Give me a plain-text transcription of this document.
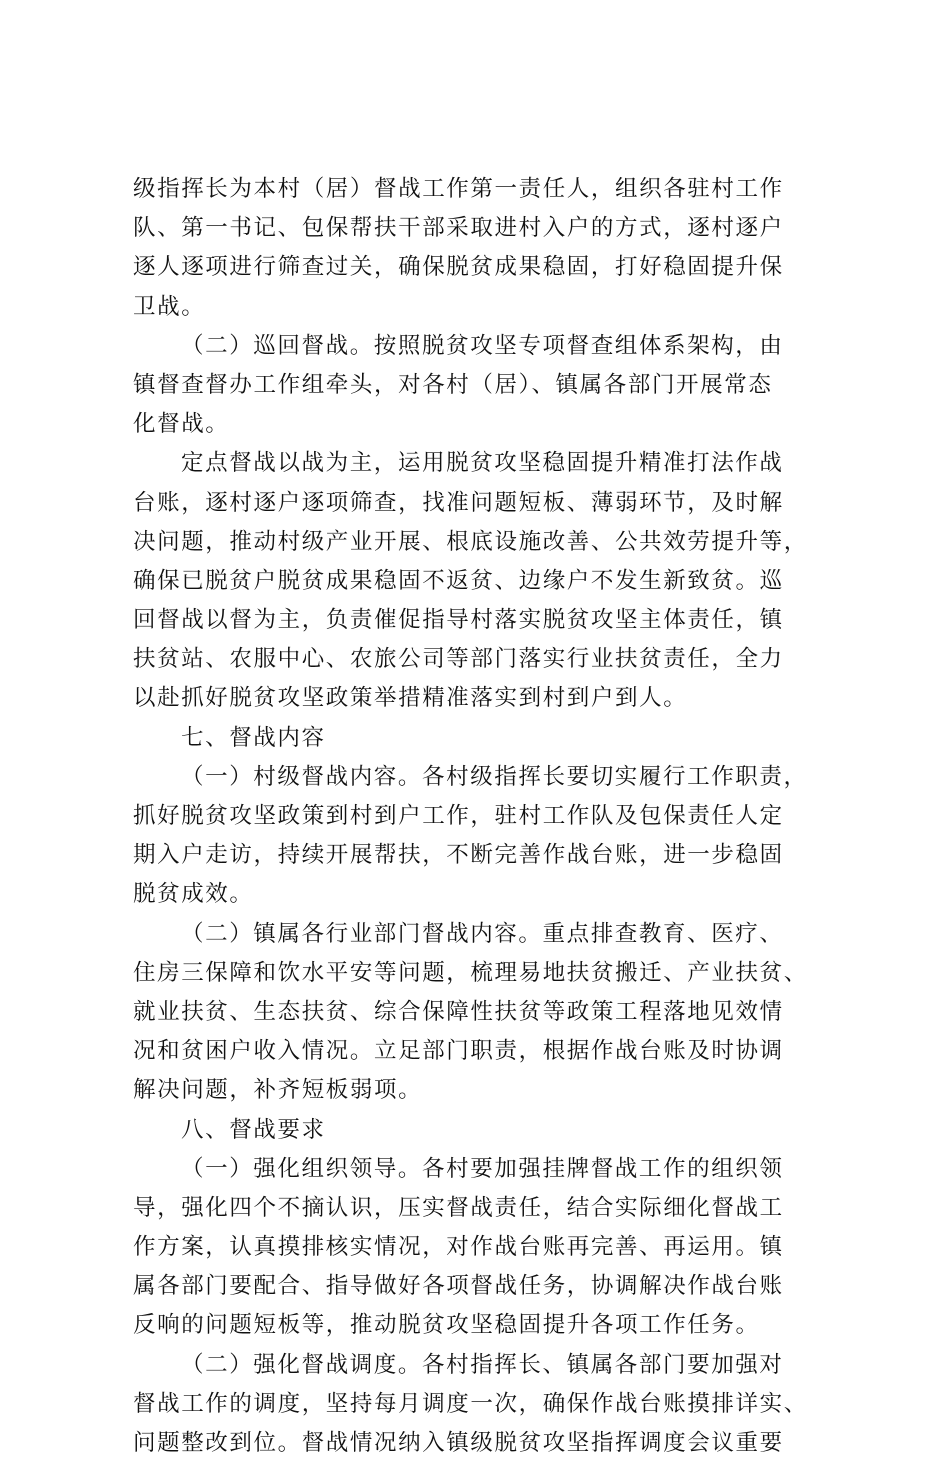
级指挥长为本村（居）督战工作第一责任人，组织各驻村工作
队、第一书记、包保帮扶干部采取进村入户的方式，逐村逐户
逐人逐项进行筛查过关，确保脱贫成果稳固，打好稳固提升保
卫战。
（二）巡回督战。按照脱贫攻坚专项督查组体系架构，由
镇督查督办工作组牵头，对各村（居）、镇属各部门开展常态
化督战。
定点督战以战为主，运用脱贫攻坚稳固提升精准打法作战
台账，逐村逐户逐项筛查，找准问题短板、薄弱环节，及时解
决问题，推动村级产业开展、根底设施改善、公共效劳提升等，
确保已脱贫户脱贫成果稳固不返贫、边缘户不发生新致贫。巡
回督战以督为主，负责催促指导村落实脱贫攻坚主体责任，镇
扶贫站、农服中心、农旅公司等部门落实行业扶贫责任，全力
以赴抓好脱贫攻坚政策举措精准落实到村到户到人。
七、督战内容
（一）村级督战内容。各村级指挥长要切实履行工作职责，
抓好脱贫攻坚政策到村到户工作，驻村工作队及包保责任人定
期入户走访，持续开展帮扶，不断完善作战台账，进一步稳固
脱贫成效。
（二）镇属各行业部门督战内容。重点排查教育、医疗、
住房三保障和饮水平安等问题，梳理易地扶贫搬迁、产业扶贫、
就业扶贫、生态扶贫、综合保障性扶贫等政策工程落地见效情
况和贫困户收入情况。立足部门职责，根据作战台账及时协调
解决问题，补齐短板弱项。
八、督战要求
（一）强化组织领导。各村要加强挂牌督战工作的组织领
导，强化四个不摘认识，压实督战责任，结合实际细化督战工
作方案，认真摸排核实情况，对作战台账再完善、再运用。镇
属各部门要配合、指导做好各项督战任务，协调解决作战台账
反响的问题短板等，推动脱贫攻坚稳固提升各项工作任务。
（二）强化督战调度。各村指挥长、镇属各部门要加强对
督战工作的调度，坚持每月调度一次，确保作战台账摸排详实、
问题整改到位。督战情况纳入镇级脱贫攻坚指挥调度会议重要
